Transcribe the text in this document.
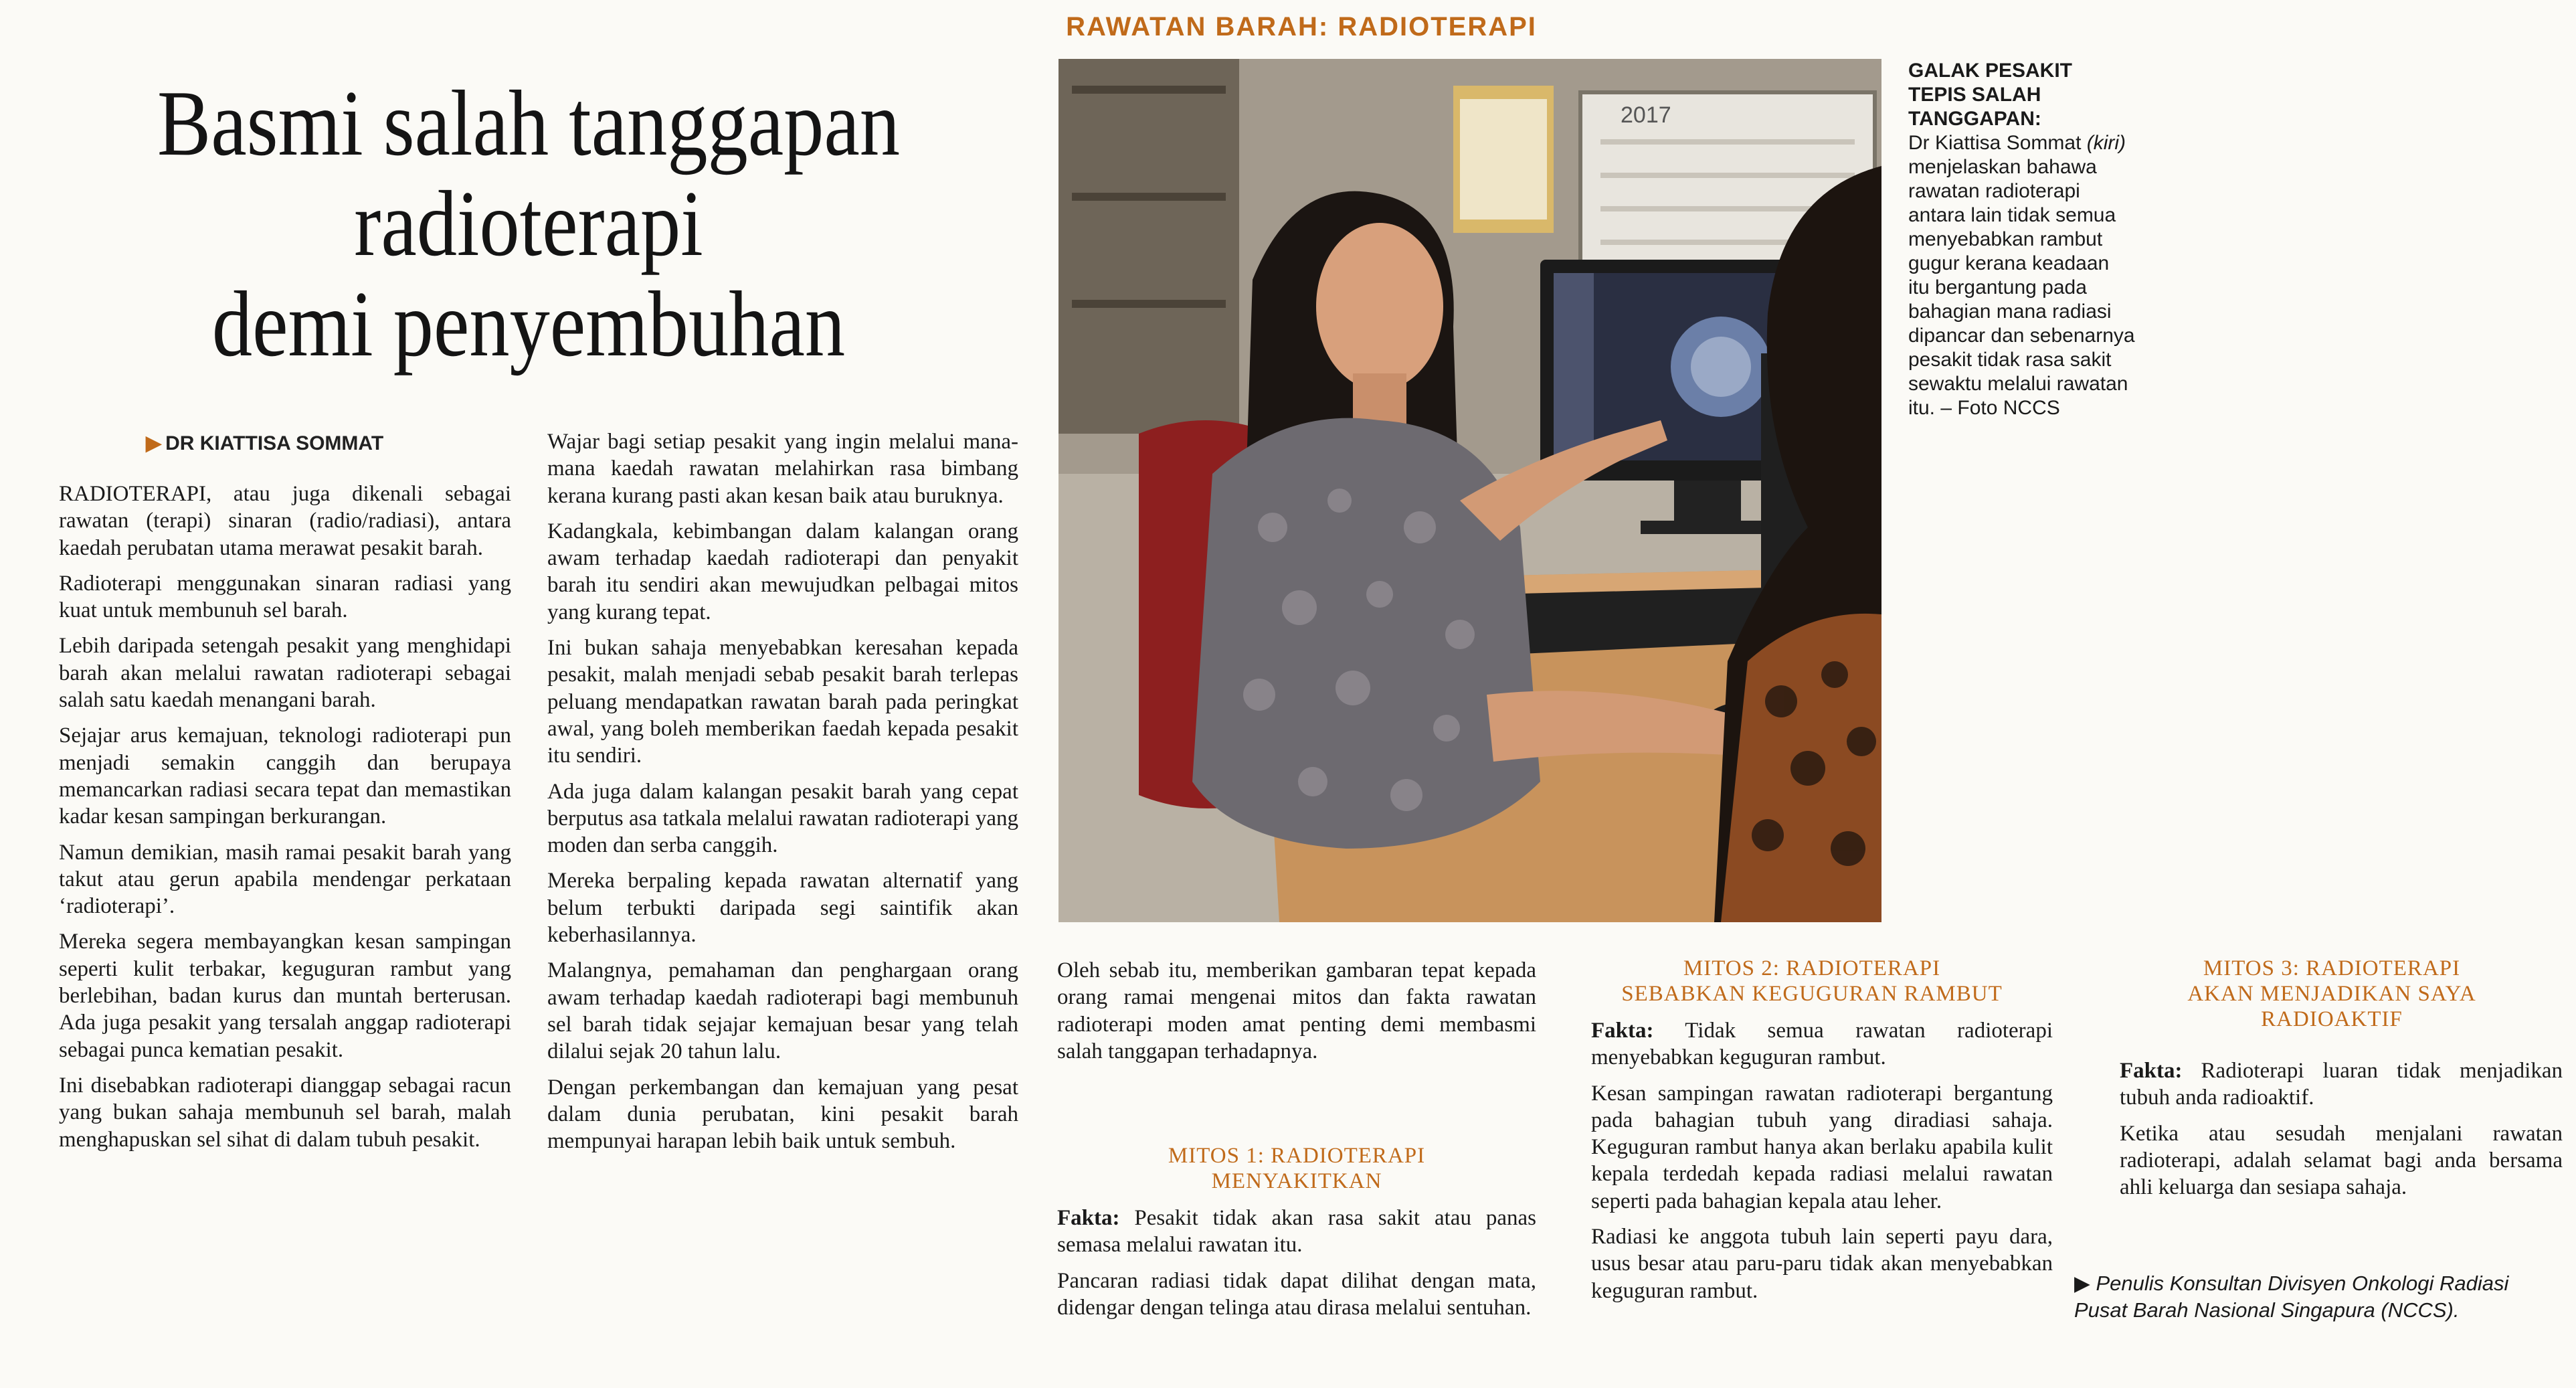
RAWATAN BARAH: RADIOTERAPI
Basmi salah tanggapan
radioterapi
demi penyembuhan
▶ DR KIATTISA SOMMAT

RADIOTERAPI, atau juga dikenali sebagai rawatan (terapi) sinaran (radio/radiasi), antara kaedah perubatan utama merawat pesakit barah.

Radioterapi menggunakan sinaran radiasi yang kuat untuk membunuh sel barah.

Lebih daripada setengah pesakit yang menghidapi barah akan melalui rawatan radioterapi sebagai salah satu kaedah menangani barah.

Sejajar arus kemajuan, teknologi radioterapi pun menjadi semakin canggih dan berupaya memancarkan radiasi secara tepat dan memastikan kadar kesan sampingan berkurangan.

Namun demikian, masih ramai pesakit barah yang takut atau gerun apabila mendengar perkataan ‘radioterapi’.

Mereka segera membayangkan kesan sampingan seperti kulit terbakar, keguguran rambut yang berlebihan, badan kurus dan muntah berterusan. Ada juga pesakit yang tersalah anggap radioterapi sebagai punca kematian pesakit.

Ini disebabkan radioterapi dianggap sebagai racun yang bukan sahaja membunuh sel barah, malah menghapuskan sel sihat di dalam tubuh pesakit.

Wajar bagi setiap pesakit yang ingin melalui mana-mana kaedah rawatan melahirkan rasa bimbang kerana kurang pasti akan kesan baik atau buruknya.

Kadangkala, kebimbangan dalam kalangan orang awam terhadap kaedah radioterapi dan penyakit barah itu sendiri akan mewujudkan pelbagai mitos yang kurang tepat.

Ini bukan sahaja menyebabkan keresahan kepada pesakit, malah menjadi sebab pesakit barah terlepas peluang mendapatkan rawatan barah pada peringkat awal, yang boleh memberikan faedah kepada pesakit itu sendiri.

Ada juga dalam kalangan pesakit barah yang cepat berputus asa tatkala melalui rawatan radioterapi yang moden dan serba canggih.

Mereka berpaling kepada rawatan alternatif yang belum terbukti daripada segi saintifik akan keberhasilannya.

Malangnya, pemahaman dan penghargaan orang awam terhadap kaedah radioterapi bagi membunuh sel barah tidak sejajar kemajuan besar yang telah dilalui sejak 20 tahun lalu.

Dengan perkembangan dan kemajuan yang pesat dalam dunia perubatan, kini pesakit barah mempunyai harapan lebih baik untuk sembuh.

2017
GALAK PESAKIT
TEPIS SALAH
TANGGAPAN:
Dr Kiattisa Sommat (kiri) menjelaskan bahawa rawatan radioterapi antara lain tidak semua menyebabkan rambut gugur kerana keadaan itu bergantung pada bahagian mana radiasi dipancar dan sebenarnya pesakit tidak rasa sakit sewaktu melalui rawatan itu. – Foto NCCS

Oleh sebab itu, memberikan gambaran tepat kepada orang ramai mengenai mitos dan fakta rawatan radioterapi moden amat penting demi membasmi salah tanggapan terhadapnya.

MITOS 1: RADIOTERAPI
MENYAKITKAN

Fakta: Pesakit tidak akan rasa sakit atau panas semasa melalui rawatan itu.

Pancaran radiasi tidak dapat dilihat dengan mata, didengar dengan telinga atau dirasa melalui sentuhan.

MITOS 2: RADIOTERAPI
SEBABKAN KEGUGURAN RAMBUT

Fakta: Tidak semua rawatan radioterapi menyebabkan keguguran rambut.

Kesan sampingan rawatan radioterapi bergantung pada bahagian tubuh yang diradiasi sahaja. Keguguran rambut hanya akan berlaku apabila kulit kepala terdedah kepada radiasi melalui rawatan seperti pada bahagian kepala atau leher.

Radiasi ke anggota tubuh lain seperti payu dara, usus besar atau paru-paru tidak akan menyebabkan keguguran rambut.

MITOS 3: RADIOTERAPI
AKAN MENJADIKAN SAYA
RADIOAKTIF

Fakta: Radioterapi luaran tidak menjadikan tubuh anda radioaktif.

Ketika atau sesudah menjalani rawatan radioterapi, adalah selamat bagi anda bersama ahli keluarga dan sesiapa sahaja.

▶ Penulis Konsultan Divisyen Onkologi Radiasi Pusat Barah Nasional Singapura (NCCS).
